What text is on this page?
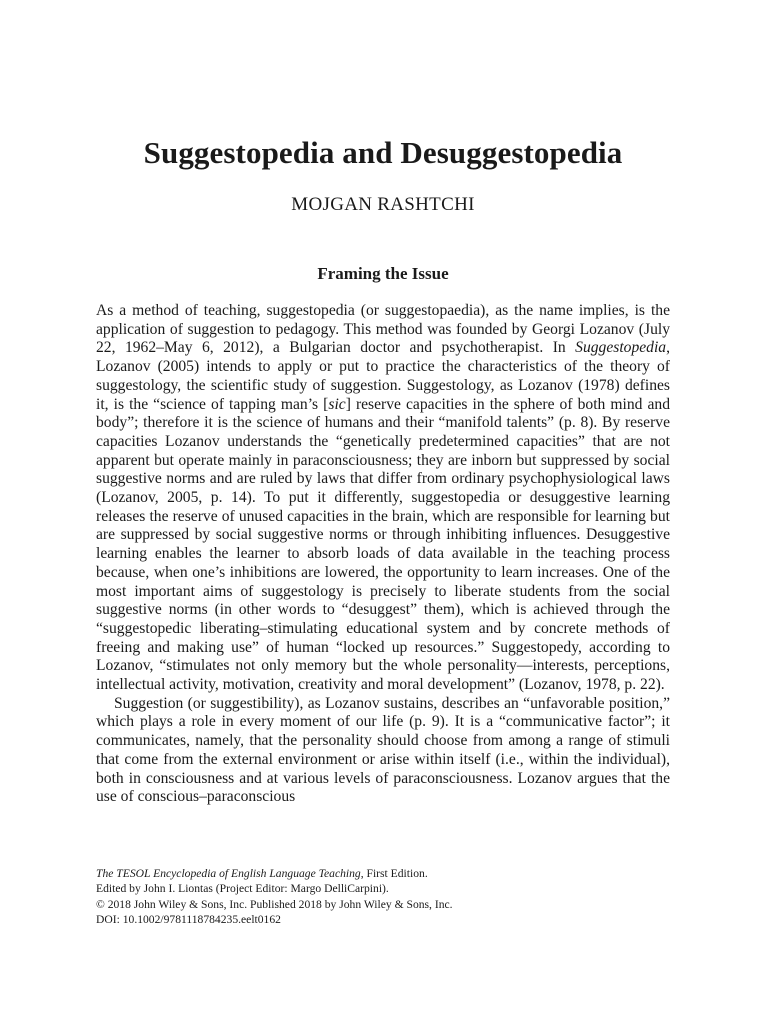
Suggestopedia and Desuggestopedia
MOJGAN RASHTCHI
Framing the Issue

As a method of teaching, suggestopedia (or suggestopaedia), as the name implies, is the application of suggestion to pedagogy. This method was founded by Georgi Lozanov (July 22, 1962–May 6, 2012), a Bulgarian doctor and psychotherapist. In Suggestopedia, Lozanov (2005) intends to apply or put to practice the characteristics of the theory of suggestology, the scientific study of suggestion. Suggestology, as Lozanov (1978) defines it, is the “science of tapping man’s [sic] reserve capacities in the sphere of both mind and body”; therefore it is the science of humans and their “manifold talents” (p. 8). By reserve capacities Lozanov understands the “genetically predetermined capacities” that are not apparent but operate mainly in paraconsciousness; they are inborn but suppressed by social suggestive norms and are ruled by laws that differ from ordinary psychophysiological laws (Lozanov, 2005, p. 14). To put it differently, suggestopedia or desuggestive learning releases the reserve of unused capacities in the brain, which are responsible for learning but are suppressed by social suggestive norms or through inhibiting influences. Desuggestive learning enables the learner to absorb loads of data available in the teaching process because, when one’s inhibitions are lowered, the opportunity to learn increases. One of the most important aims of suggestology is precisely to liberate students from the social suggestive norms (in other words to “desuggest” them), which is achieved through the “suggestopedic liberating–stimulating educational system and by concrete methods of freeing and making use” of human “locked up resources.” Suggestopedy, according to Lozanov, “stimulates not only memory but the whole personality—interests, perceptions, intellectual activity, motivation, creativity and moral development” (Lozanov, 1978, p. 22).

Suggestion (or suggestibility), as Lozanov sustains, describes an “unfavorable position,” which plays a role in every moment of our life (p. 9). It is a “communicative factor”; it communicates, namely, that the personality should choose from among a range of stimuli that come from the external environment or arise within itself (i.e., within the individual), both in consciousness and at various levels of paraconsciousness. Lozanov argues that the use of conscious–paraconscious

The TESOL Encyclopedia of English Language Teaching, First Edition.
Edited by John I. Liontas (Project Editor: Margo DelliCarpini).
© 2018 John Wiley & Sons, Inc. Published 2018 by John Wiley & Sons, Inc.
DOI: 10.1002/9781118784235.eelt0162
